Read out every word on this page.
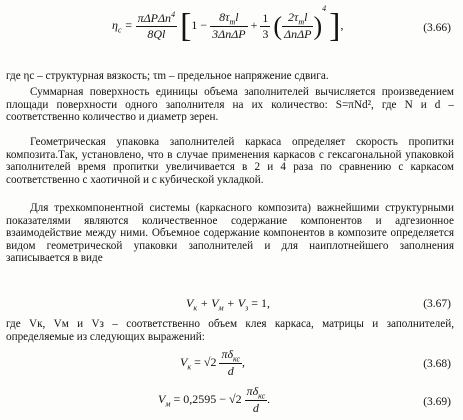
$\eta_c = \frac{\pi\Delta P\Delta n^4}{8Ql} [1 - \frac{8\tau_ml}{\text{3ΔnΔP}} + \frac{1}{3}$ ( $\frac{2\tau_ml}{\text{ΔnΔP}} )^4$ ],	(3.66)
где ηc – структурная вязкость; τm – предельное напряжение сдвига.
Суммарная поверхность единицы объема заполнителей вычисляется произведением площади поверхности одного заполнителя на их количество: S=πNd², где N и d – соответственно количество и диаметр зерен.
Геометрическая упаковка заполнителей каркаса определяет скорость пропитки композита.Так, установлено, что в случае применения каркасов с гексагональной упаковкой заполнителей время пропитки увеличивается в 2 и 4 раза по сравнению с каркасом соответственно с хаотичной и с кубической укладкой.
Для трехкомпонентной системы (каркасного композита) важнейшими структурными показателями являются количественное содержание компонентов и адгезионное взаимодействие между ними. Объемное содержание компонентов в композите определяется видом геометрической упаковки заполнителей и для наиплотнейшего заполнения записывается в виде
$V_к + V_м + V_з = 1$,	(3.67)
где Vк, Vм и Vз – соответственно объем клея каркаса, матрицы и заполнителей, определяемые из следующих выражений:
$V_к = √2 \frac{\pi\delta_{кс}}{d}$ ,	(3.68)
$V_м = 0,2595 - √2 \frac{\pi\delta_{кс}}{d}$ .	(3.69)
